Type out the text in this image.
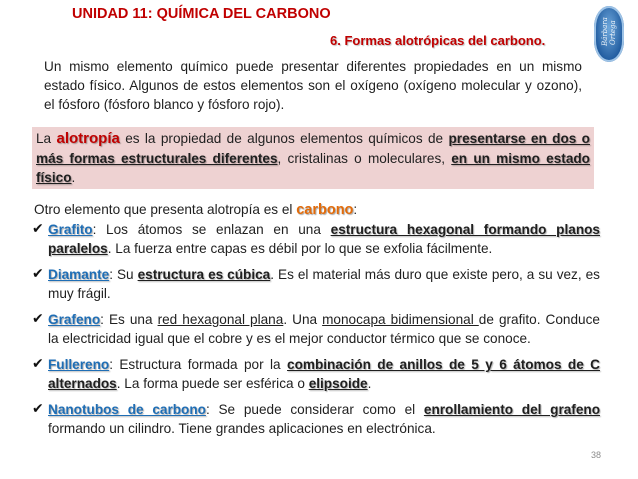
UNIDAD 11: QUÍMICA DEL CARBONO
Bárbara Ortega
6. Formas alotrópicas del carbono.
Un mismo elemento químico puede presentar diferentes propiedades en un mismo estado físico. Algunos de estos elementos son el oxígeno (oxígeno molecular y ozono), el fósforo (fósforo blanco y fósforo rojo).

La alotropía es la propiedad de algunos elementos químicos de presentarse en dos o más formas estructurales diferentes, cristalinas o moleculares, en un mismo estado físico.

Otro elemento que presenta alotropía es el carbono:
✔ Grafito: Los átomos se enlazan en una estructura hexagonal formando planos paralelos. La fuerza entre capas es débil por lo que se exfolia fácilmente.
✔ Diamante: Su estructura es cúbica. Es el material más duro que existe pero, a su vez, es muy frágil.
✔ Grafeno: Es una red hexagonal plana. Una monocapa bidimensional de grafito. Conduce la electricidad igual que el cobre y es el mejor conductor térmico que se conoce.
✔ Fullereno: Estructura formada por la combinación de anillos de 5 y 6 átomos de C alternados. La forma puede ser esférica o elipsoide.
✔ Nanotubos de carbono: Se puede considerar como el enrollamiento del grafeno formando un cilindro. Tiene grandes aplicaciones en electrónica.
38
